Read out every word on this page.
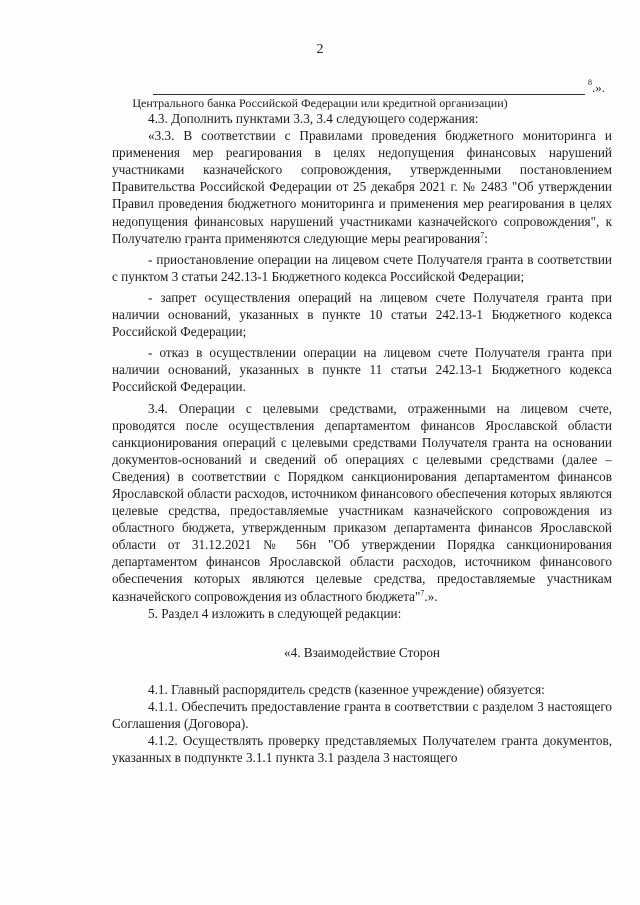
2
$^8$.».
Центрального банка Российской Федерации или кредитной организации)

4.3. Дополнить пунктами 3.3, 3.4 следующего содержания:

«3.3. В соответствии с Правилами проведения бюджетного мониторинга и применения мер реагирования в целях недопущения финансовых нарушений участниками казначейского сопровождения, утвержденными постановлением Правительства Российской Федерации от 25 декабря 2021 г. № 2483 "Об утверждении Правил проведения бюджетного мониторинга и применения мер реагирования в целях недопущения финансовых нарушений участниками казначейского сопровождения", к Получателю гранта применяются следующие меры реагирования$^7$:

- приостановление операции на лицевом счете Получателя гранта в соответствии с пунктом 3 статьи 242.13-1 Бюджетного кодекса Российской Федерации;

- запрет осуществления операций на лицевом счете Получателя гранта при наличии оснований, указанных в пункте 10 статьи 242.13-1 Бюджетного кодекса Российской Федерации;

- отказ в осуществлении операции на лицевом счете Получателя гранта при наличии оснований, указанных в пункте 11 статьи 242.13-1 Бюджетного кодекса Российской Федерации.

3.4. Операции с целевыми средствами, отраженными на лицевом счете, проводятся после осуществления департаментом финансов Ярославской области санкционирования операций с целевыми средствами Получателя гранта на основании документов-оснований и сведений об операциях с целевыми средствами (далее – Сведения) в соответствии с Порядком санкционирования департаментом финансов Ярославской области расходов, источником финансового обеспечения которых являются целевые средства, предоставляемые участникам казначейского сопровождения из областного бюджета, утвержденным приказом департамента финансов Ярославской области от 31.12.2021 № 56н "Об утверждении Порядка санкционирования департаментом финансов Ярославской области расходов, источником финансового обеспечения которых являются целевые средства, предоставляемые участникам казначейского сопровождения из областного бюджета"$^7$.».

5. Раздел 4 изложить в следующей редакции:

«4. Взаимодействие Сторон

4.1. Главный распорядитель средств (казенное учреждение) обязуется:

4.1.1. Обеспечить предоставление гранта в соответствии с разделом 3 настоящего Соглашения (Договора).

4.1.2. Осуществлять проверку представляемых Получателем гранта документов, указанных в подпункте 3.1.1 пункта 3.1 раздела 3 настоящего
